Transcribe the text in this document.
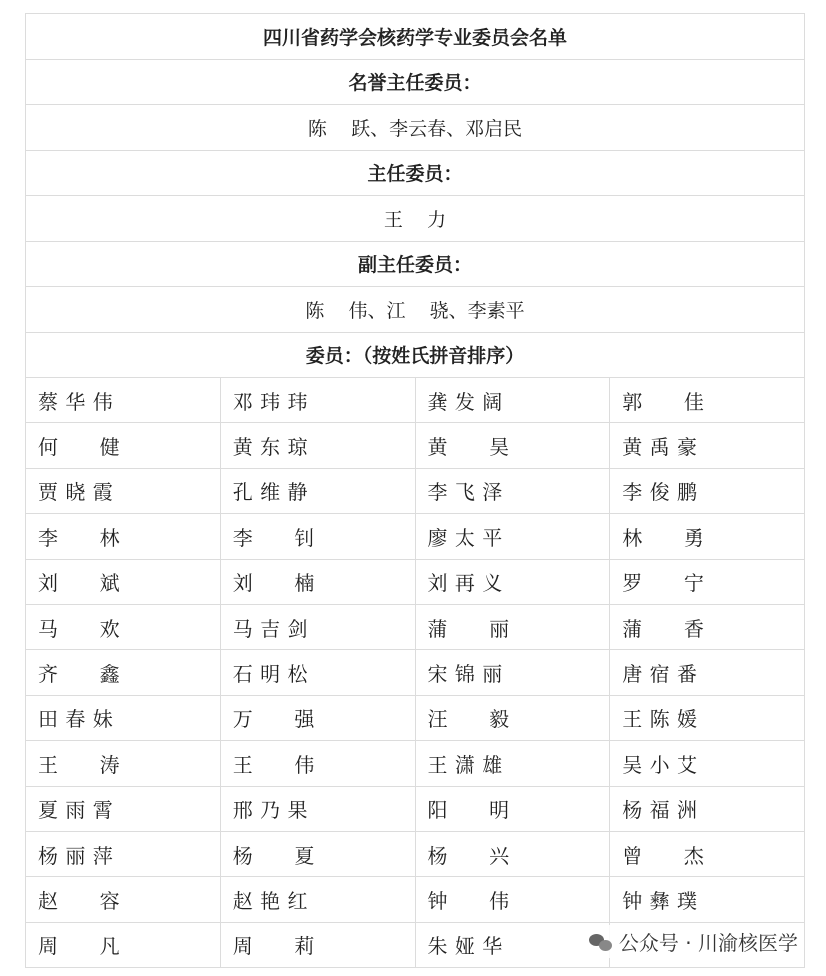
四川省药学会核药学专业委员会名单			
名誉主任委员：			
陈    跃、李云春、邓启民			
主任委员：			
王    力			
副主任委员：			
陈    伟、江    骁、李素平			
委员：（按姓氏拼音排序）			
蔡 华 伟	邓 玮 玮	龚 发 阔	郭      佳
何      健	黄 东 琼	黄      昊	黄 禹 豪
贾 晓 霞	孔 维 静	李 飞 泽	李 俊 鹏
李      林	李      钊	廖 太 平	林      勇
刘      斌	刘      楠	刘 再 义	罗      宁
马      欢	马 吉 剑	蒲      丽	蒲      香
齐      鑫	石 明 松	宋 锦 丽	唐 宿 番
田 春 妹	万      强	汪      毅	王 陈 媛
王      涛	王      伟	王 潇 雄	吴 小 艾
夏 雨 霄	邢 乃 果	阳      明	杨 福 洲
杨 丽 萍	杨      夏	杨      兴	曾      杰
赵      容	赵 艳 红	钟      伟	钟 彝 璞
周      凡	周      莉	朱 娅 华		公众号 · 川渝核医学
